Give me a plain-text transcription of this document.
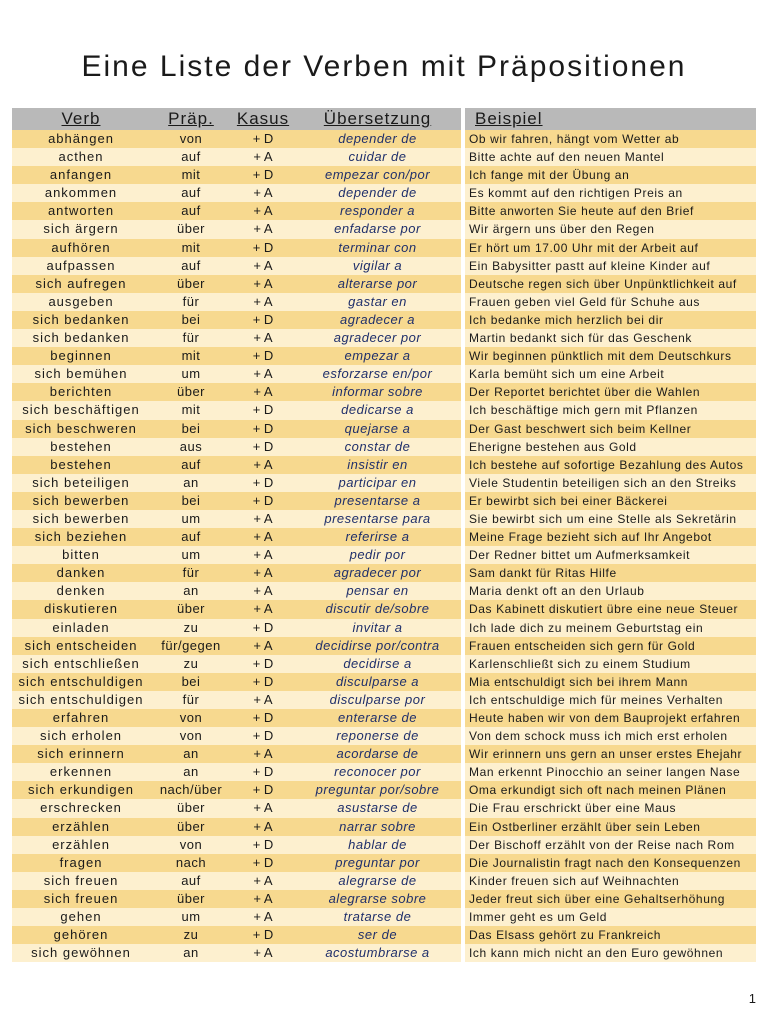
Eine Liste der Verben mit Präpositionen
Verb	Präp.	Kasus	Übersetzung	Beispiel
abhängen	von	+ D	depender de	Ob wir fahren, hängt vom Wetter ab
acthen	auf	+ A	cuidar de	Bitte achte auf den neuen Mantel
anfangen	mit	+ D	empezar con/por	Ich fange mit der Übung an
ankommen	auf	+ A	depender de	Es kommt auf den richtigen Preis an
antworten	auf	+ A	responder a	Bitte anworten Sie heute auf den Brief
sich ärgern	über	+ A	enfadarse por	Wir ärgern uns über den Regen
aufhören	mit	+ D	terminar con	Er hört um 17.00 Uhr mit der Arbeit auf
aufpassen	auf	+ A	vigilar a	Ein Babysitter pastt auf kleine Kinder auf
sich aufregen	über	+ A	alterarse por	Deutsche regen sich über Unpünktlichkeit auf
ausgeben	für	+ A	gastar en	Frauen geben viel Geld für Schuhe aus
sich bedanken	bei	+ D	agradecer a	Ich bedanke mich herzlich bei dir
sich bedanken	für	+ A	agradecer por	Martin bedankt sich für das Geschenk
beginnen	mit	+ D	empezar a	Wir beginnen pünktlich mit dem Deutschkurs
sich bemühen	um	+ A	esforzarse en/por	Karla bemüht sich um eine Arbeit
berichten	über	+ A	informar sobre	Der Reportet berichtet über die Wahlen
sich beschäftigen	mit	+ D	dedicarse a	Ich beschäftige mich gern mit Pflanzen
sich beschweren	bei	+ D	quejarse a	Der Gast beschwert sich beim Kellner
bestehen	aus	+ D	constar de	Eherigne bestehen aus Gold
bestehen	auf	+ A	insistir en	Ich bestehe auf sofortige Bezahlung des Autos
sich beteiligen	an	+ D	participar en	Viele Studentin beteiligen sich an den Streiks
sich bewerben	bei	+ D	presentarse a	Er bewirbt sich bei einer Bäckerei
sich bewerben	um	+ A	presentarse para	Sie bewirbt sich um eine Stelle als Sekretärin
sich beziehen	auf	+ A	referirse a	Meine Frage bezieht sich auf Ihr Angebot
bitten	um	+ A	pedir por	Der Redner bittet um Aufmerksamkeit
danken	für	+ A	agradecer por	Sam dankt für Ritas Hilfe
denken	an	+ A	pensar en	Maria denkt oft an den Urlaub
diskutieren	über	+ A	discutir de/sobre	Das Kabinett diskutiert übre eine neue Steuer
einladen	zu	+ D	invitar a	Ich lade dich zu meinem Geburtstag ein
sich entscheiden	für/gegen	+ A	decidirse por/contra	Frauen entscheiden sich gern für Gold
sich entschließen	zu	+ D	decidirse a	Karlenschließt sich zu einem Studium
sich entschuldigen	bei	+ D	disculparse a	Mia entschuldigt sich bei ihrem Mann
sich entschuldigen	für	+ A	disculparse por	Ich entschuldige mich für meines Verhalten
erfahren	von	+ D	enterarse de	Heute haben wir von dem Bauprojekt erfahren
sich erholen	von	+ D	reponerse de	Von dem schock muss ich mich erst erholen
sich erinnern	an	+ A	acordarse de	Wir erinnern uns gern an unser erstes Ehejahr
erkennen	an	+ D	reconocer por	Man erkennt Pinocchio an seiner langen Nase
sich erkundigen	nach/über	+ D	preguntar por/sobre	Oma erkundigt sich oft nach meinen Plänen
erschrecken	über	+ A	asustarse de	Die Frau erschrickt über eine Maus
erzählen	über	+ A	narrar sobre	Ein Ostberliner erzählt über sein Leben
erzählen	von	+ D	hablar de	Der Bischoff erzählt von der Reise nach Rom
fragen	nach	+ D	preguntar por	Die Journalistin fragt nach den Konsequenzen
sich freuen	auf	+ A	alegrarse de	Kinder freuen sich auf Weihnachten
sich freuen	über	+ A	alegrarse sobre	Jeder freut sich über eine Gehaltserhöhung
gehen	um	+ A	tratarse de	Immer geht es um Geld
gehören	zu	+ D	ser de	Das Elsass gehört zu Frankreich
sich gewöhnen	an	+ A	acostumbrarse a	Ich kann mich nicht an den Euro gewöhnen
1
